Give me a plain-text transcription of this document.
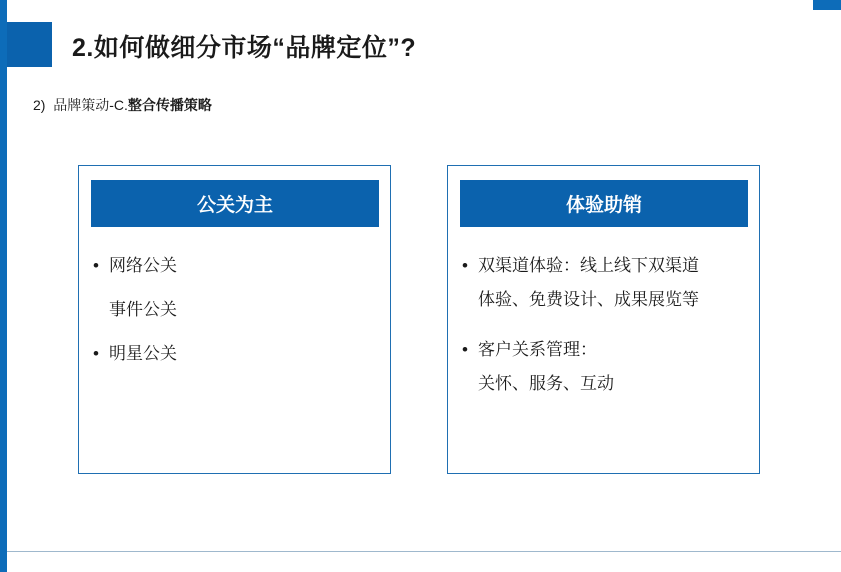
2.如何做细分市场“品牌定位”?
2) 品牌策动-C.整合传播策略
公关为主
• 网络公关
事件公关
• 明星公关
体验助销
• 双渠道体验：线上线下双渠道
体验、免费设计、成果展览等
• 客户关系管理：
关怀、服务、互动
